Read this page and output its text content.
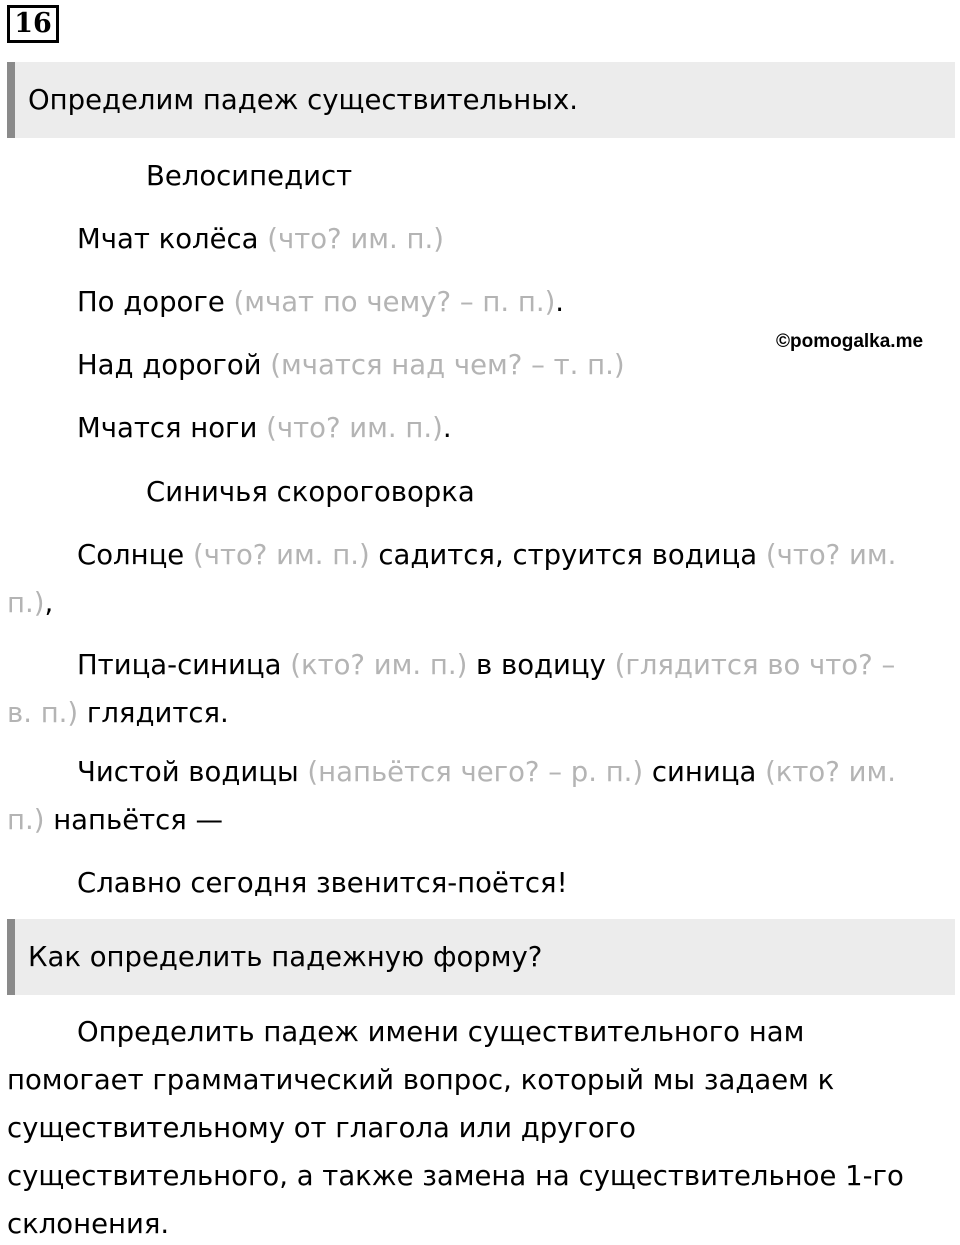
16
Определим падеж существительных.
Велосипедист
Мчат колёса (что? им. п.)
По дороге (мчат по чему? – п. п.).
Над дорогой (мчатся над чем? – т. п.)
Мчатся ноги (что? им. п.).
©pomogalka.me
Синичья скороговорка
Солнце (что? им. п.) садится, струится водица (что? им.
п.),
Птица-синица (кто? им. п.) в водицу (глядится во что? –
в. п.) глядится.
Чистой водицы (напьётся чего? – р. п.) синица (кто? им.
п.) напьётся —
Славно сегодня звенится-поётся!
Как определить падежную форму?
Определить падеж имени существительного нам
помогает грамматический вопрос, который мы задаем к
существительному от глагола или другого
существительного, а также замена на существительное 1-го
склонения.
